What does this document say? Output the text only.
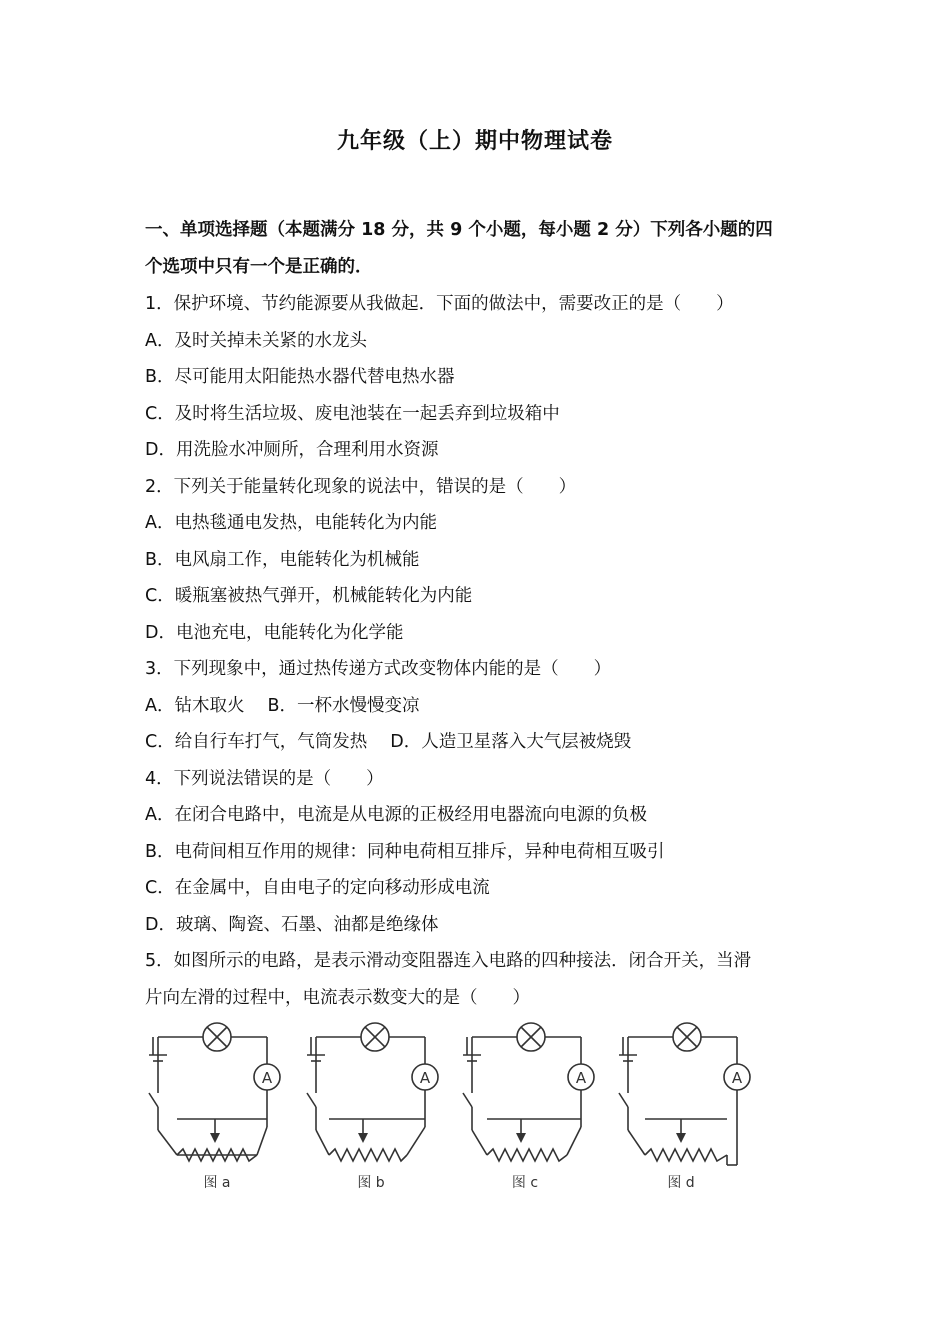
九年级（上）期中物理试卷
一、单项选择题（本题满分 18 分，共 9 个小题，每小题 2 分）下列各小题的四
个选项中只有一个是正确的．
1．保护环境、节约能源要从我做起．下面的做法中，需要改正的是（　　）
A．及时关掉未关紧的水龙头
B．尽可能用太阳能热水器代替电热水器
C．及时将生活垃圾、废电池装在一起丢弃到垃圾箱中
D．用洗脸水冲厕所，合理利用水资源
2．下列关于能量转化现象的说法中，错误的是（　　）
A．电热毯通电发热，电能转化为内能
B．电风扇工作，电能转化为机械能
C．暖瓶塞被热气弹开，机械能转化为内能
D．电池充电，电能转化为化学能
3．下列现象中，通过热传递方式改变物体内能的是（　　）
A．钻木取火　 B．一杯水慢慢变凉
C．给自行车打气，气筒发热　 D．人造卫星落入大气层被烧毁
4．下列说法错误的是（　　）
A．在闭合电路中，电流是从电源的正极经用电器流向电源的负极
B．电荷间相互作用的规律：同种电荷相互排斥，异种电荷相互吸引
C．在金属中，自由电子的定向移动形成电流
D．玻璃、陶瓷、石墨、油都是绝缘体
5．如图所示的电路，是表示滑动变阻器连入电路的四种接法．闭合开关，当滑
片向左滑的过程中，电流表示数变大的是（　　）
A
图 a
A
图 b
A
图 c
A
图 d
